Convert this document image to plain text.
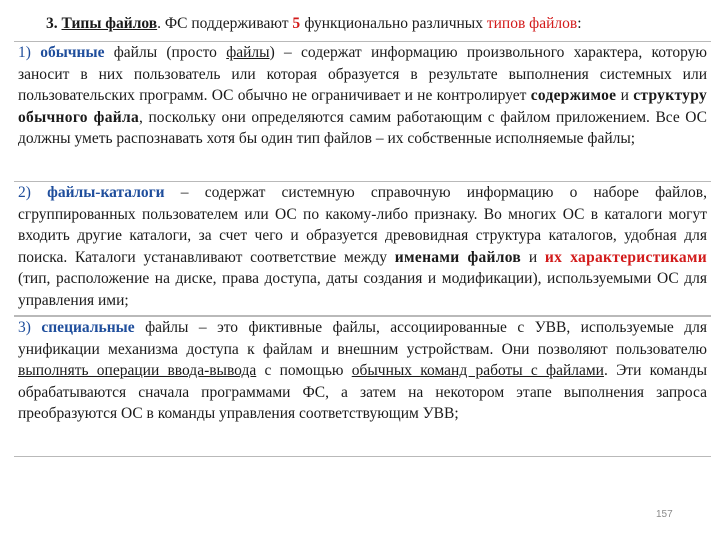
3. Типы файлов. ФС поддерживают 5 функционально различных типов файлов:

1) обычные файлы (просто файлы) – содержат информацию произвольного характера, которую заносит в них пользователь или которая образуется в результате выполнения системных или пользовательских программ. ОС обычно не ограничивает и не контролирует содержимое и структуру обычного файла, поскольку они определяются самим работающим с файлом приложением. Все ОС должны уметь распознавать хотя бы один тип файлов – их собственные исполняемые файлы;

2) файлы-каталоги – содержат системную справочную информацию о наборе файлов, сгруппированных пользователем или ОС по какому-либо признаку. Во многих ОС в каталоги могут входить другие каталоги, за счет чего и образуется древовидная структура каталогов, удобная для поиска. Каталоги устанавливают соответствие между именами файлов и их характеристиками (тип, расположение на диске, права доступа, даты создания и модификации), используемыми ОС для управления ими;

3) специальные файлы – это фиктивные файлы, ассоциированные с УВВ, используемые для унификации механизма доступа к файлам и внешним устройствам. Они позволяют пользователю выполнять операции ввода-вывода с помощью обычных команд работы с файлами. Эти команды обрабатываются сначала программами ФС, а затем на некотором этапе выполнения запроса преобразуются ОС в команды управления соответствующим УВВ;

157
